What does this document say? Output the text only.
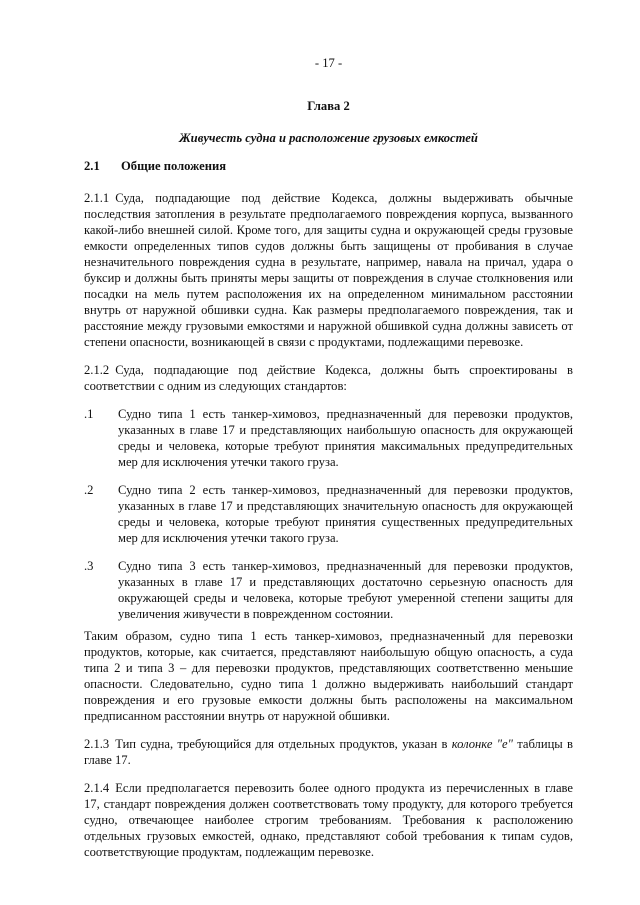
- 17 -
Глава 2
Живучесть судна и расположение грузовых емкостей
2.1	Общие положения

2.1.1 Суда, подпадающие под действие Кодекса, должны выдерживать обычные последствия затопления в результате предполагаемого повреждения корпуса, вызванного какой-либо внешней силой. Кроме того, для защиты судна и окружающей среды грузовые емкости определенных типов судов должны быть защищены от пробивания в случае незначительного повреждения судна в результате, например, навала на причал, удара о буксир и должны быть приняты меры защиты от повреждения в случае столкновения или посадки на мель путем расположения их на определенном минимальном расстоянии внутрь от наружной обшивки судна. Как размеры предполагаемого повреждения, так и расстояние между грузовыми емкостями и наружной обшивкой судна должны зависеть от степени опасности, возникающей в связи с продуктами, подлежащими перевозке.

2.1.2 Суда, подпадающие под действие Кодекса, должны быть спроектированы в соответствии с одним из следующих стандартов:

.1	Судно типа 1 есть танкер-химовоз, предназначенный для перевозки продуктов, указанных в главе 17 и представляющих наибольшую опасность для окружающей среды и человека, которые требуют принятия максимальных предупредительных мер для исключения утечки такого груза.
.2	Судно типа 2 есть танкер-химовоз, предназначенный для перевозки продуктов, указанных в главе 17 и представляющих значительную опасность для окружающей среды и человека, которые требуют принятия существенных предупредительных мер для исключения утечки такого груза.
.3	Судно типа 3 есть танкер-химовоз, предназначенный для перевозки продуктов, указанных в главе 17 и представляющих достаточно серьезную опасность для окружающей среды и человека, которые требуют умеренной степени защиты для увеличения живучести в поврежденном состоянии.

Таким образом, судно типа 1 есть танкер-химовоз, предназначенный для перевозки продуктов, которые, как считается, представляют наибольшую общую опасность, а суда типа 2 и типа 3 – для перевозки продуктов, представляющих соответственно меньшие опасности. Следовательно, судно типа 1 должно выдерживать наибольший стандарт повреждения и его грузовые емкости должны быть расположены на максимальном предписанном расстоянии внутрь от наружной обшивки.

2.1.3 Тип судна, требующийся для отдельных продуктов, указан в колонке "e" таблицы в главе 17.

2.1.4 Если предполагается перевозить более одного продукта из перечисленных в главе 17, стандарт повреждения должен соответствовать тому продукту, для которого требуется судно, отвечающее наиболее строгим требованиям. Требования к расположению отдельных грузовых емкостей, однако, представляют собой требования к типам судов, соответствующие продуктам, подлежащим перевозке.
